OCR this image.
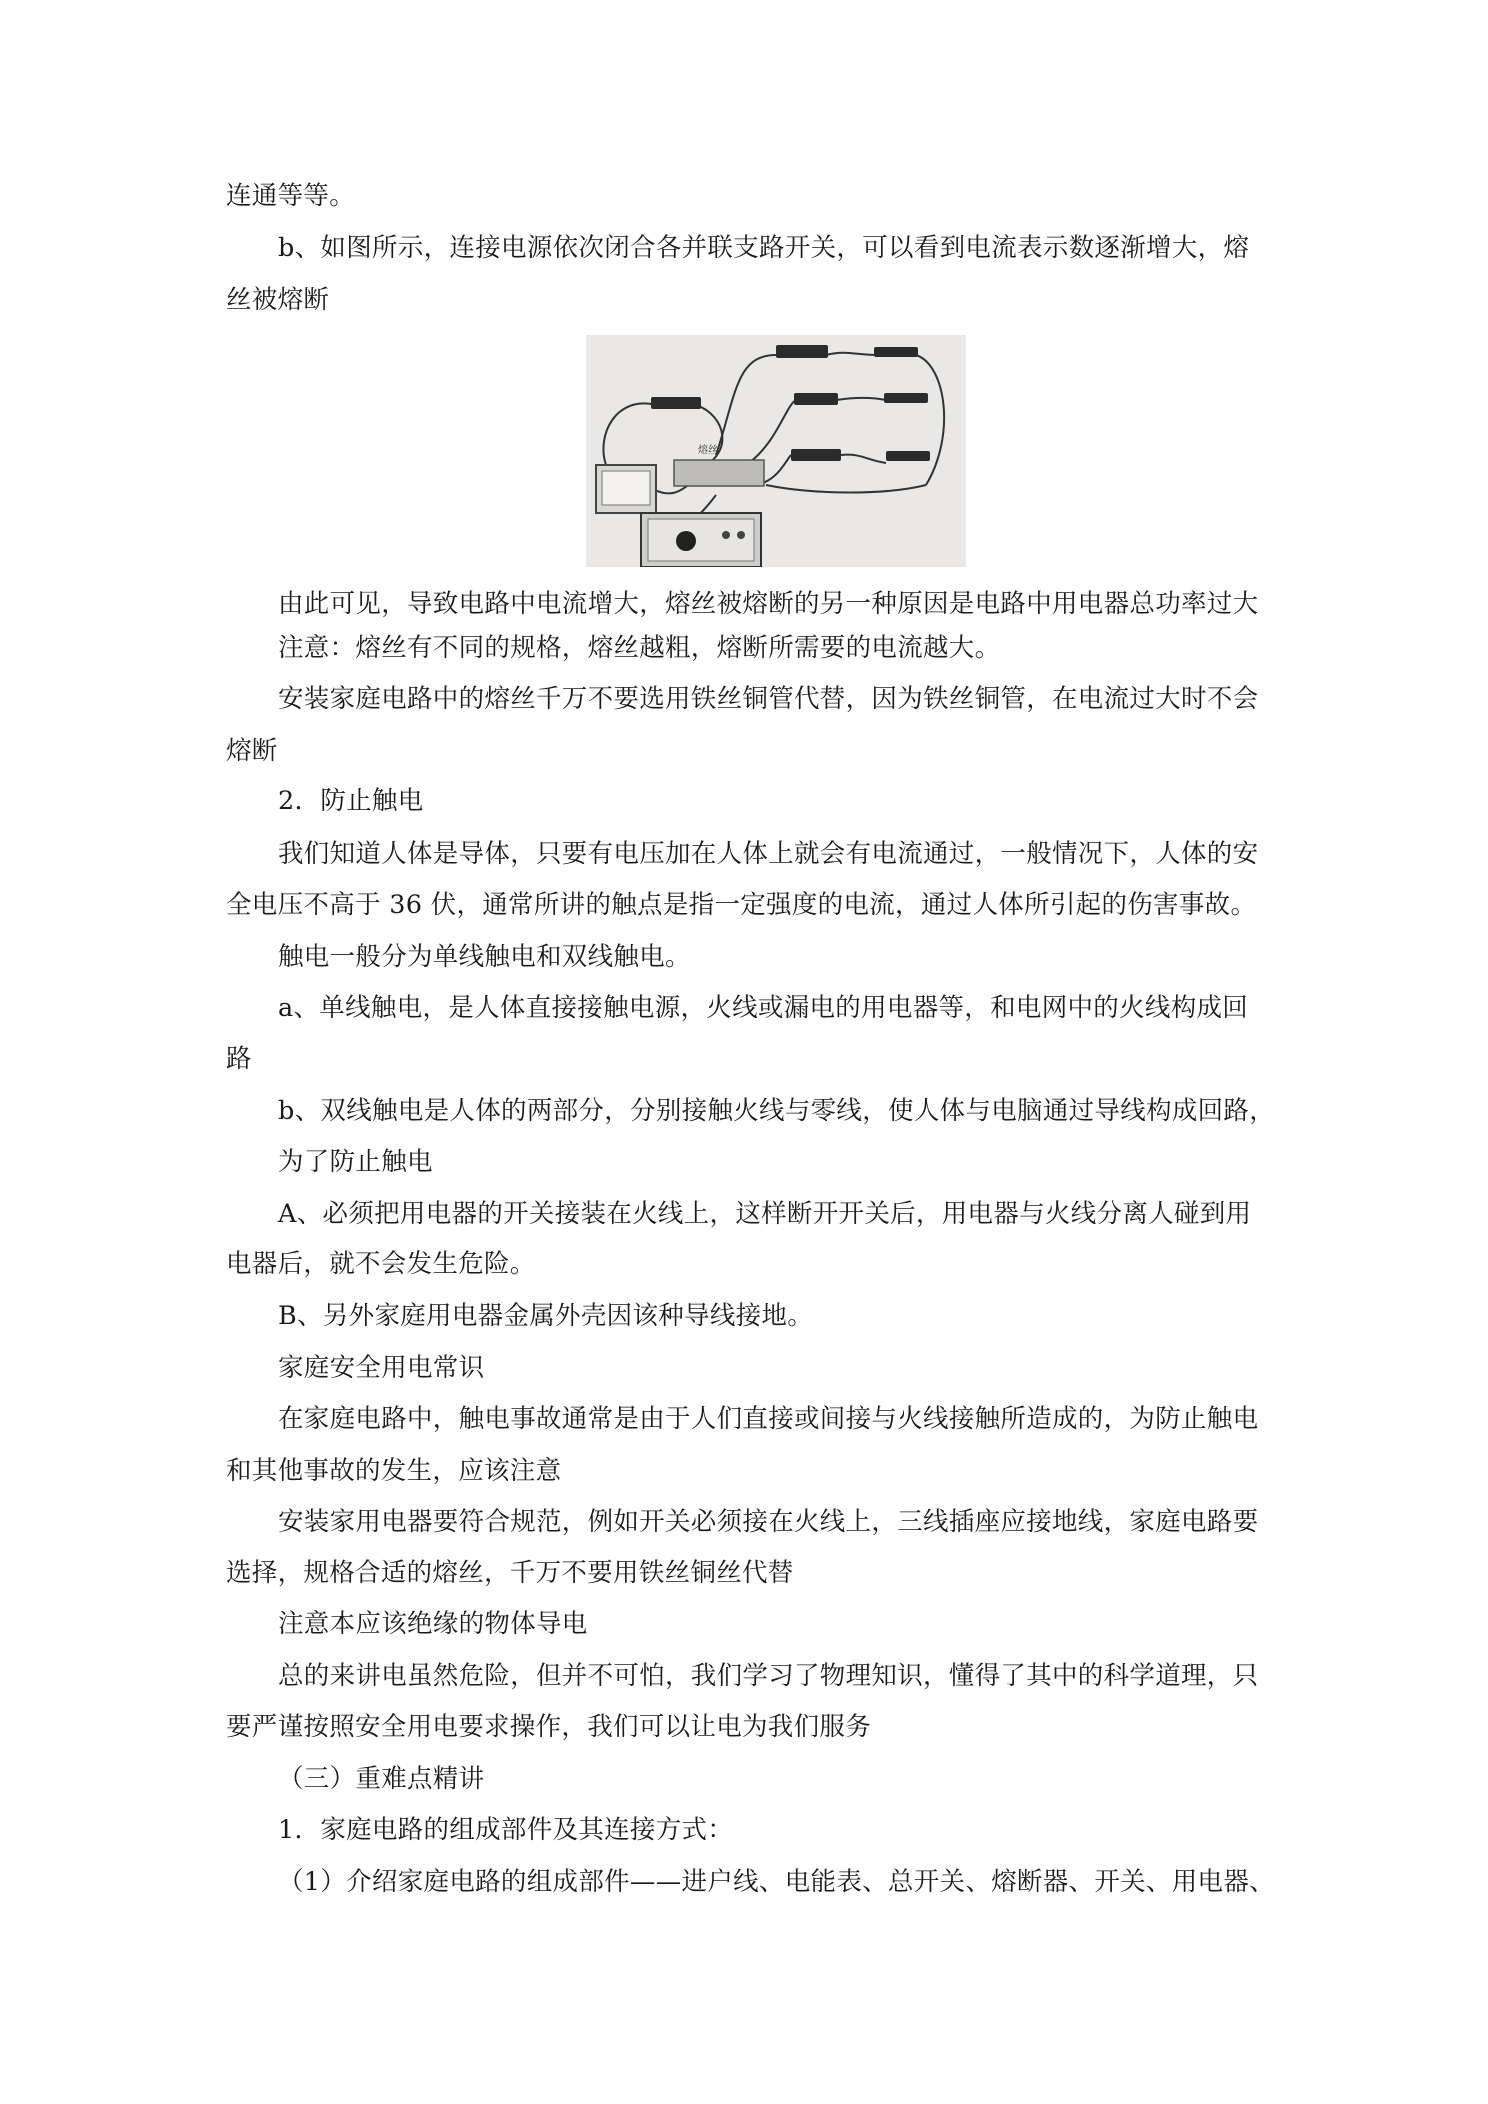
连通等等。
b、如图所示，连接电源依次闭合各并联支路开关，可以看到电流表示数逐渐增大，熔
丝被熔断
熔丝
由此可见，导致电路中电流增大，熔丝被熔断的另一种原因是电路中用电器总功率过大
注意：熔丝有不同的规格，熔丝越粗，熔断所需要的电流越大。
安装家庭电路中的熔丝千万不要选用铁丝铜管代替，因为铁丝铜管，在电流过大时不会
熔断
2．防止触电
我们知道人体是导体，只要有电压加在人体上就会有电流通过，一般情况下，人体的安
全电压不高于 36 伏，通常所讲的触点是指一定强度的电流，通过人体所引起的伤害事故。
触电一般分为单线触电和双线触电。
a、单线触电，是人体直接接触电源，火线或漏电的用电器等，和电网中的火线构成回
路
b、双线触电是人体的两部分，分别接触火线与零线，使人体与电脑通过导线构成回路，
为了防止触电
A、必须把用电器的开关接装在火线上，这样断开开关后，用电器与火线分离人碰到用
电器后，就不会发生危险。
B、另外家庭用电器金属外壳因该种导线接地。
家庭安全用电常识
在家庭电路中，触电事故通常是由于人们直接或间接与火线接触所造成的，为防止触电
和其他事故的发生，应该注意
安装家用电器要符合规范，例如开关必须接在火线上，三线插座应接地线，家庭电路要
选择，规格合适的熔丝，千万不要用铁丝铜丝代替
注意本应该绝缘的物体导电
总的来讲电虽然危险，但并不可怕，我们学习了物理知识，懂得了其中的科学道理，只
要严谨按照安全用电要求操作，我们可以让电为我们服务
（三）重难点精讲
1．家庭电路的组成部件及其连接方式：
（1）介绍家庭电路的组成部件——进户线、电能表、总开关、熔断器、开关、用电器、
